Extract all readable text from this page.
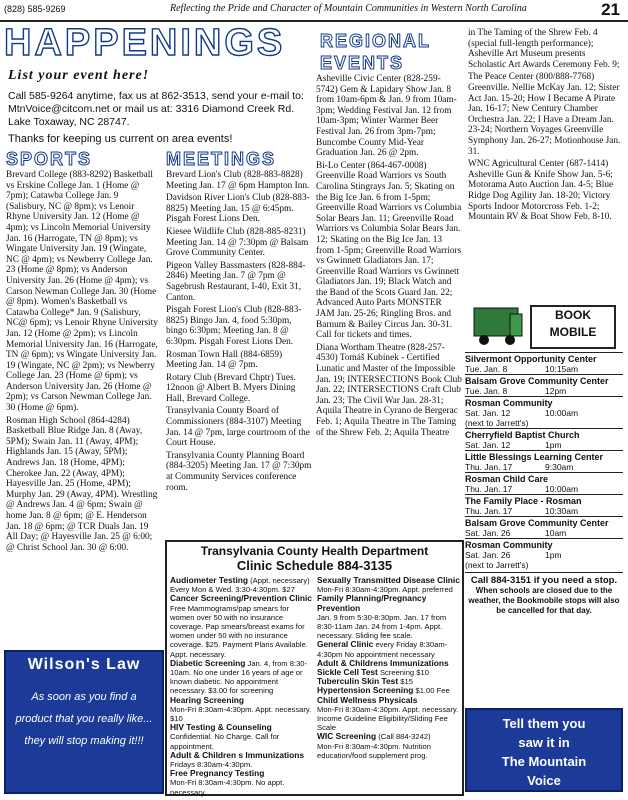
(828) 585-9269	Reflecting the Pride and Character of Mountain Communities in Western North Carolina	21
HAPPENINGS
List your event here!
Call 585-9264 anytime, fax us at 862-3513, send your e-mail to: MtnVoice@citcom.net or mail us at: 3316 Diamond Creek Rd. Lake Toxaway, NC 28747.
Thanks for keeping us current on area events!
SPORTS

Brevard College (883-8292) Basketball vs Erskine College Jan. 1 (Home @ 7pm); Catawba College Jan. 9 (Salisbury, NC @ 8pm); vs Lenoir Rhyne University Jan. 12 (Home @ 4pm); vs Lincoln Memorial University Jan. 16 (Harrogate, TN @ 8pm); vs Wingate University Jan. 19 (Wingate, NC @ 4pm); vs Newberry College Jan. 23 (Home @ 8pm); vs Anderson University Jan. 26 (Home @ 4pm); vs Carson Newman College Jan. 30 (Home @ 8pm). Women's Basketball vs Catawba College* Jan. 9 (Salisbury, NC@ 6pm); vs Lenoir Rhyne University Jan. 12 (Home @ 2pm); vs Lincoln Memorial University Jan. 16 (Harrogate, TN @ 6pm); vs Wingate University Jan. 19 (Wingate, NC @ 2pm); vs Newberry College Jan. 23 (Home @ 6pm); vs Anderson University Jan. 26 (Home @ 2pm); vs Carson Newman College Jan. 30 (Home @ 6pm).

Rosman High School (864-4284) Basketball Blue Ridge Jan. 8 (Away, 5PM); Swain Jan. 11 (Away, 4PM); Highlands Jan. 15 (Away, 5PM); Andrews Jan. 18 (Home, 4PM); Cherokee Jan. 22 (Away, 4PM); Hayesville Jan. 25 (Home, 4PM); Murphy Jan. 29 (Away, 4PM). Wrestling @ Andrews Jan. 4 @ 6pm; Swain @ home Jan. 8 @ 6pm; @ E. Henderson Jan. 18 @ 6pm; @ TCR Duals Jan. 19 All Day; @ Hayesville Jan. 25 @ 6:00; @ Christ School Jan. 30 @ 6:00.

Wilson's Law
As soon as you find a product that you really like... they will stop making it!!!
MEETINGS

Brevard Lion's Club (828-883-8828) Meeting Jan. 17 @ 6pm Hampton Inn.

Davidson River Lion's Club (828-883-8825) Meeting Jan. 15 @ 6:45pm. Pisgah Forest Lions Den.

Kiesee Wildlife Club (828-885-8231) Meeting Jan. 14 @ 7:30pm @ Balsam Grove Community Center.

Pigeon Valley Bassmasters (828-884-2846) Meeting Jan. 7 @ 7pm @ Sagebrush Restaurant, I-40, Exit 31, Canton.

Pisgah Forest Lion's Club (828-883-8825) Bingo Jan. 4, food 5:30pm, bingo 6:30pm; Meeting Jan. 8 @ 6:30pm. Pisgah Forest Lions Den.

Rosman Town Hall (884-6859) Meeting Jan. 14 @ 7pm.

Rotary Club (Brevard Chptr) Tues. 12noon @ Albert B. Myers Dining Hall, Brevard College.

Transylvania County Board of Commissioners (884-3107) Meeting Jan. 14 @ 7pm, large courtroom of the Court House.

Transylvania County Planning Board (884-3205) Meeting Jan. 17 @ 7:30pm at Community Services conference room.

REGIONAL EVENTS

Asheville Civic Center (828-259-5742) Gem & Lapidary Show Jan. 8 from 10am-6pm & Jan. 9 from 10am-3pm; Wedding Festival Jan. 12 from 10am-3pm; Winter Warmer Beer Festival Jan. 26 from 3pm-7pm; Buncombe County Mid-Year Graduation Jan. 26 @ 2pm.

Bi-Lo Center (864-467-0008) Greenville Road Warriors vs South Carolina Stingrays Jan. 5; Skating on the Big Ice Jan. 6 from 1-5pm; Greenville Road Warriors vs Columbia Solar Bears Jan. 11; Greenville Road Warriors vs Columbia Solar Bears Jan. 12; Skating on the Big Ice Jan. 13 from 1-5pm; Greenville Road Warriors vs Gwinnett Gladiators Jan. 17; Greenville Road Warriors vs Gwinnett Gladiators Jan. 19; Black Watch and the Band of the Scots Guard Jan. 22; Advanced Auto Parts MONSTER JAM Jan. 25-26; Ringling Bros. and Barnum & Bailey Circus Jan. 30-31. Call for tickets and times.

Diana Wortham Theatre (828-257-4530) Tomáš Kubínek - Certified Lunatic and Master of the Impossible Jan. 19; INTERSECTIONS Book Club Jan. 22; INTERSECTIONS Craft Club Jan. 23; The Civil War Jan. 28-31; Aquila Theatre in Cyrano de Bergerac Feb. 1; Aquila Theatre in The Taming of the Shrew Feb. 2; Aquila Theatre

in The Taming of the Shrew Feb. 4 (special full-length performance); Asheville Art Museum presents Scholastic Art Awards Ceremony Feb. 9;

The Peace Center (800/888-7768) Greenville. Nellie McKay Jan. 12; Sister Act Jan. 15-20; How I Became A Pirate Jan. 16-17; New Century Chamber Orchestra Jan. 22; I Have a Dream Jan. 23-24; Northern Voyages Greenville Symphony Jan. 26-27; Motionhouse Jan. 31.

WNC Agricultural Center (687-1414) Asheville Gun & Knife Show Jan. 5-6; Motorama Auto Auction Jan. 4-5; Blue Ridge Dog Agility Jan. 18-20; Victory Sports Indoor Motorcross Feb. 1-2; Mountain RV & Boat Show Feb. 8-10.

Transylvania County Health Department
Clinic Schedule 884-3135
Audiometer Testing (Appt. necessary)
Every Mon & Wed. 3:30-4:30pm. $27
Cancer Screening/Prevention Clinic
Free Mammograms/pap smears for women over 50 with no insurance coverage. Pap smears/breast exams for women under 50 with no insurance coverage. $25. Payment Plans Available. Appt. necessary.
Diabetic Screening Jan. 4, from 8:30-10am. No one under 16 years of age or known diabetic. No appointment necessary. $3.00 for screening
Hearing Screening
Mon-Fri 8:30am-4:30pm. Appt. necessary. $10
HIV Testing & Counseling
Confidential. No Charge. Call for appointment.
Adult & Children s Immunizations
Fridays 8:30am-4:30pm.
Free Pregnancy Testing
Mon-Fri 8:30am-4:30pm. No appt. necessary.
Sexually Transmitted Disease Clinic
Mon-Fri 8:30am-4:30pm. Appt. preferred
Family Planning/Pregnancy Prevention
Jan. 9 from 5:30-8:30pm. Jan. 17 from 8:30-11am Jan. 24 from 1-4pm. Appt. necessary. Sliding fee scale.
General Clinic every Friday 8:30am-4:30pm No appointment necessary
Adult & Childrens Immunizations
Sickle Cell Test Screening $10
Tuberculin Skin Test $15
Hypertension Screening $1.00 Fee
Child Wellness Physicals
Mon-Fri 8:30am-4:30pm. Appt. necessary. Income Guideline Eligibility/Sliding Fee Scale
WIC Screening (Call 884-3242)
Mon-Fri 8:30am-4:30pm. Nutrition education/food supplement prog.
BOOK
MOBILE
Silvermont Opportunity Center
Tue. Jan. 8	10:15am
Balsam Grove Community Center
Tue. Jan. 8	12pm
Rosman Community
Sat. Jan. 12	10:00am
(next to Jarrett's)
Cherryfield Baptist Church
Sat. Jan. 12	1pm
Little Blessings Learning Center
Thu. Jan. 17	9:30am
Rosman Child Care
Thu. Jan. 17	10:00am
The Family Place - Rosman
Thu. Jan. 17	10:30am
Balsam Grove Community Center
Sat. Jan. 26	10am
Rosman Community
Sat. Jan. 26	1pm
(next to Jarrett's)
Call 884-3151 if you need a stop.
When schools are closed due to the weather, the Bookmobile stops will also be cancelled for that day.
Tell them you
saw it in
The Mountain
Voice
